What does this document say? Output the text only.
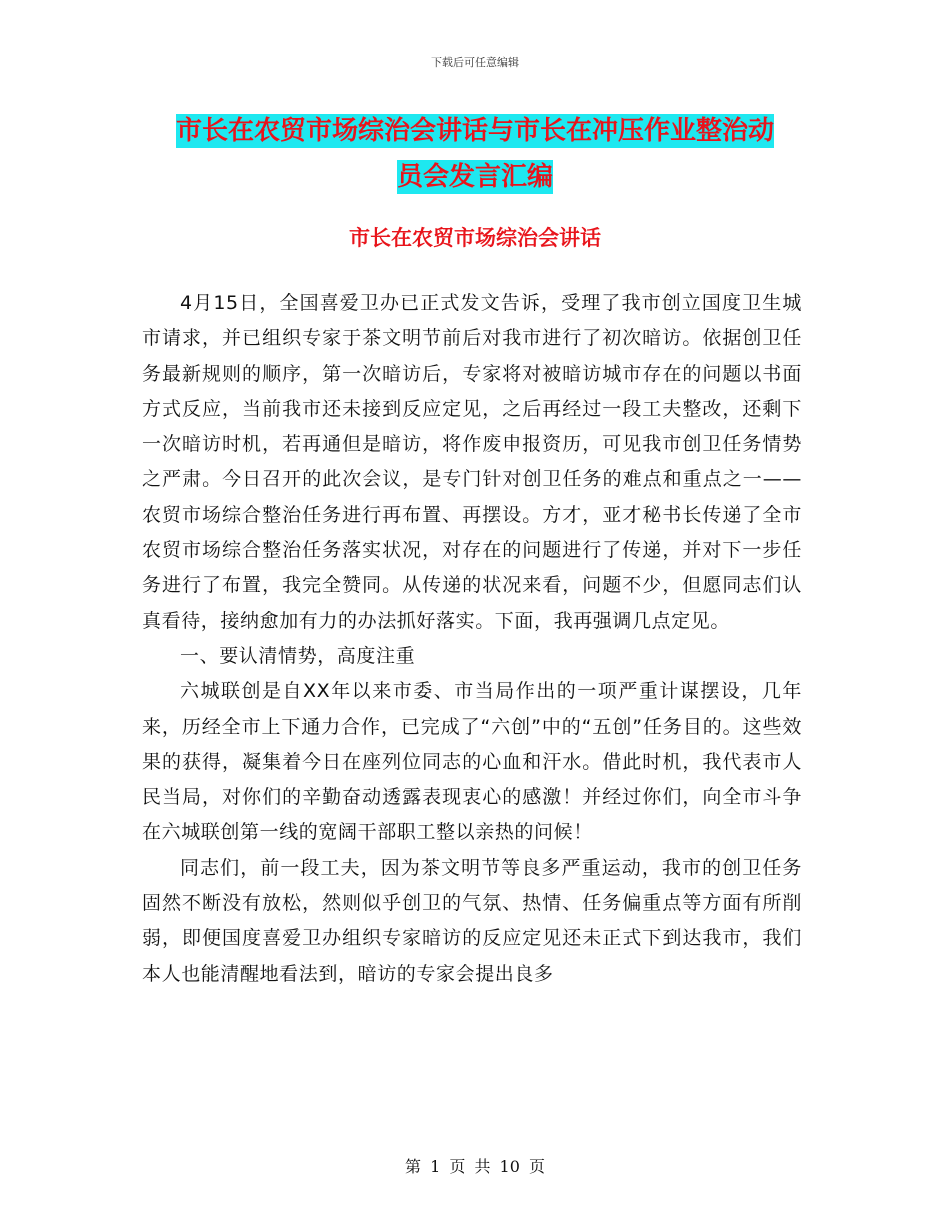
下载后可任意编辑
市长在农贸市场综治会讲话与市长在冲压作业整治动
员会发言汇编
市长在农贸市场综治会讲话

4月15日，全国喜爱卫办已正式发文告诉，受理了我市创立国度卫生城市请求，并已组织专家于茶文明节前后对我市进行了初次暗访。依据创卫任务最新规则的顺序，第一次暗访后，专家将对被暗访城市存在的问题以书面方式反应，当前我市还未接到反应定见，之后再经过一段工夫整改，还剩下一次暗访时机，若再通但是暗访，将作废申报资历，可见我市创卫任务情势之严肃。今日召开的此次会议，是专门针对创卫任务的难点和重点之一——农贸市场综合整治任务进行再布置、再摆设。方才，亚才秘书长传递了全市农贸市场综合整治任务落实状况，对存在的问题进行了传递，并对下一步任务进行了布置，我完全赞同。从传递的状况来看，问题不少，但愿同志们认真看待，接纳愈加有力的办法抓好落实。下面，我再强调几点定见。

一、要认清情势，高度注重

六城联创是自XX年以来市委、市当局作出的一项严重计谋摆设，几年来，历经全市上下通力合作，已完成了“六创”中的“五创”任务目的。这些效果的获得，凝集着今日在座列位同志的心血和汗水。借此时机，我代表市人民当局，对你们的辛勤奋动透露表现衷心的感激！并经过你们，向全市斗争在六城联创第一线的宽阔干部职工整以亲热的问候！

同志们，前一段工夫，因为茶文明节等良多严重运动，我市的创卫任务固然不断没有放松，然则似乎创卫的气氛、热情、任务偏重点等方面有所削弱，即便国度喜爱卫办组织专家暗访的反应定见还未正式下到达我市，我们本人也能清醒地看法到，暗访的专家会提出良多

第 1 页 共 10 页
